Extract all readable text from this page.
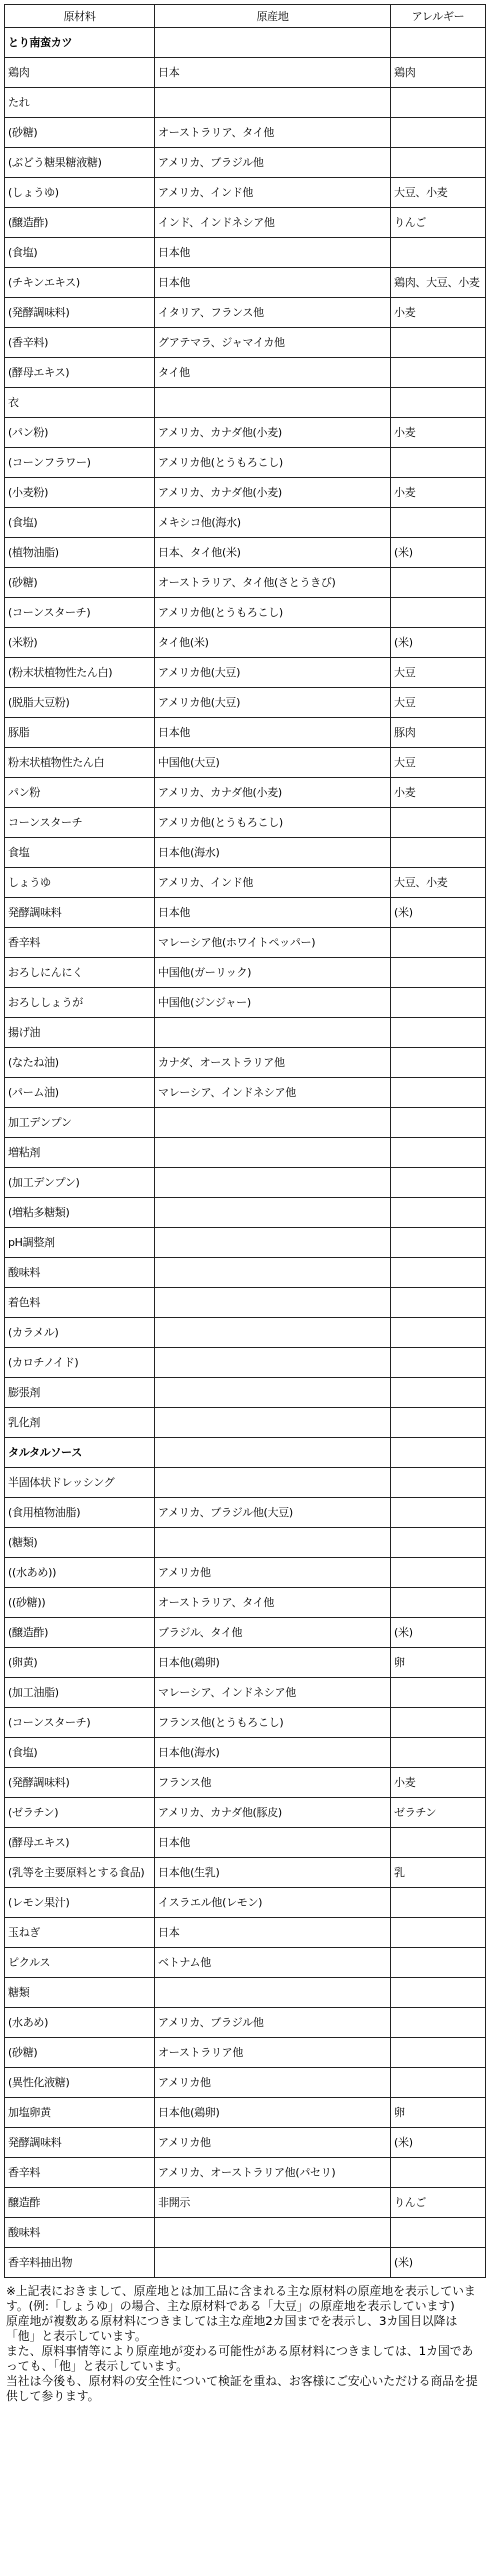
原材料	原産地	アレルギー
とり南蛮カツ		
鶏肉	日本	鶏肉
たれ		
(砂糖)	オーストラリア、タイ他	
(ぶどう糖果糖液糖)	アメリカ、ブラジル他	
(しょうゆ)	アメリカ、インド他	大豆、小麦
(醸造酢)	インド、インドネシア他	りんご
(食塩)	日本他	
(チキンエキス)	日本他	鶏肉、大豆、小麦
(発酵調味料)	イタリア、フランス他	小麦
(香辛料)	グアテマラ、ジャマイカ他	
(酵母エキス)	タイ他	
衣		
(パン粉)	アメリカ、カナダ他(小麦)	小麦
(コーンフラワー)	アメリカ他(とうもろこし)	
(小麦粉)	アメリカ、カナダ他(小麦)	小麦
(食塩)	メキシコ他(海水)	
(植物油脂)	日本、タイ他(米)	(米)
(砂糖)	オーストラリア、タイ他(さとうきび)	
(コーンスターチ)	アメリカ他(とうもろこし)	
(米粉)	タイ他(米)	(米)
(粉末状植物性たん白)	アメリカ他(大豆)	大豆
(脱脂大豆粉)	アメリカ他(大豆)	大豆
豚脂	日本他	豚肉
粉末状植物性たん白	中国他(大豆)	大豆
パン粉	アメリカ、カナダ他(小麦)	小麦
コーンスターチ	アメリカ他(とうもろこし)	
食塩	日本他(海水)	
しょうゆ	アメリカ、インド他	大豆、小麦
発酵調味料	日本他	(米)
香辛料	マレーシア他(ホワイトペッパー)	
おろしにんにく	中国他(ガーリック)	
おろししょうが	中国他(ジンジャー)	
揚げ油		
(なたね油)	カナダ、オーストラリア他	
(パーム油)	マレーシア、インドネシア他	
加工デンプン		
増粘剤		
(加工デンプン)		
(増粘多糖類)		
pH調整剤		
酸味料		
着色料		
(カラメル)		
(カロチノイド)		
膨張剤		
乳化剤		
タルタルソース		
半固体状ドレッシング		
(食用植物油脂)	アメリカ、ブラジル他(大豆)	
(糖類)		
((水あめ))	アメリカ他	
((砂糖))	オーストラリア、タイ他	
(醸造酢)	ブラジル、タイ他	(米)
(卵黄)	日本他(鶏卵)	卵
(加工油脂)	マレーシア、インドネシア他	
(コーンスターチ)	フランス他(とうもろこし)	
(食塩)	日本他(海水)	
(発酵調味料)	フランス他	小麦
(ゼラチン)	アメリカ、カナダ他(豚皮)	ゼラチン
(酵母エキス)	日本他	
(乳等を主要原料とする食品)	日本他(生乳)	乳
(レモン果汁)	イスラエル他(レモン)	
玉ねぎ	日本	
ピクルス	ベトナム他	
糖類		
(水あめ)	アメリカ、ブラジル他	
(砂糖)	オーストラリア他	
(異性化液糖)	アメリカ他	
加塩卵黄	日本他(鶏卵)	卵
発酵調味料	アメリカ他	(米)
香辛料	アメリカ、オーストラリア他(パセリ)	
醸造酢	非開示	りんご
酸味料		
香辛料抽出物		(米)

※上記表におきまして、原産地とは加工品に含まれる主な原材料の原産地を表示しています。(例:「しょうゆ」の場合、主な原材料である「大豆」の原産地を表示しています)

原産地が複数ある原材料につきましては主な産地2カ国までを表示し、3カ国目以降は「他」と表示しています。

また、原料事情等により原産地が変わる可能性がある原材料につきましては、1カ国であっても、「他」と表示しています。

当社は今後も、原材料の安全性について検証を重ね、お客様にご安心いただける商品を提供して参ります。
